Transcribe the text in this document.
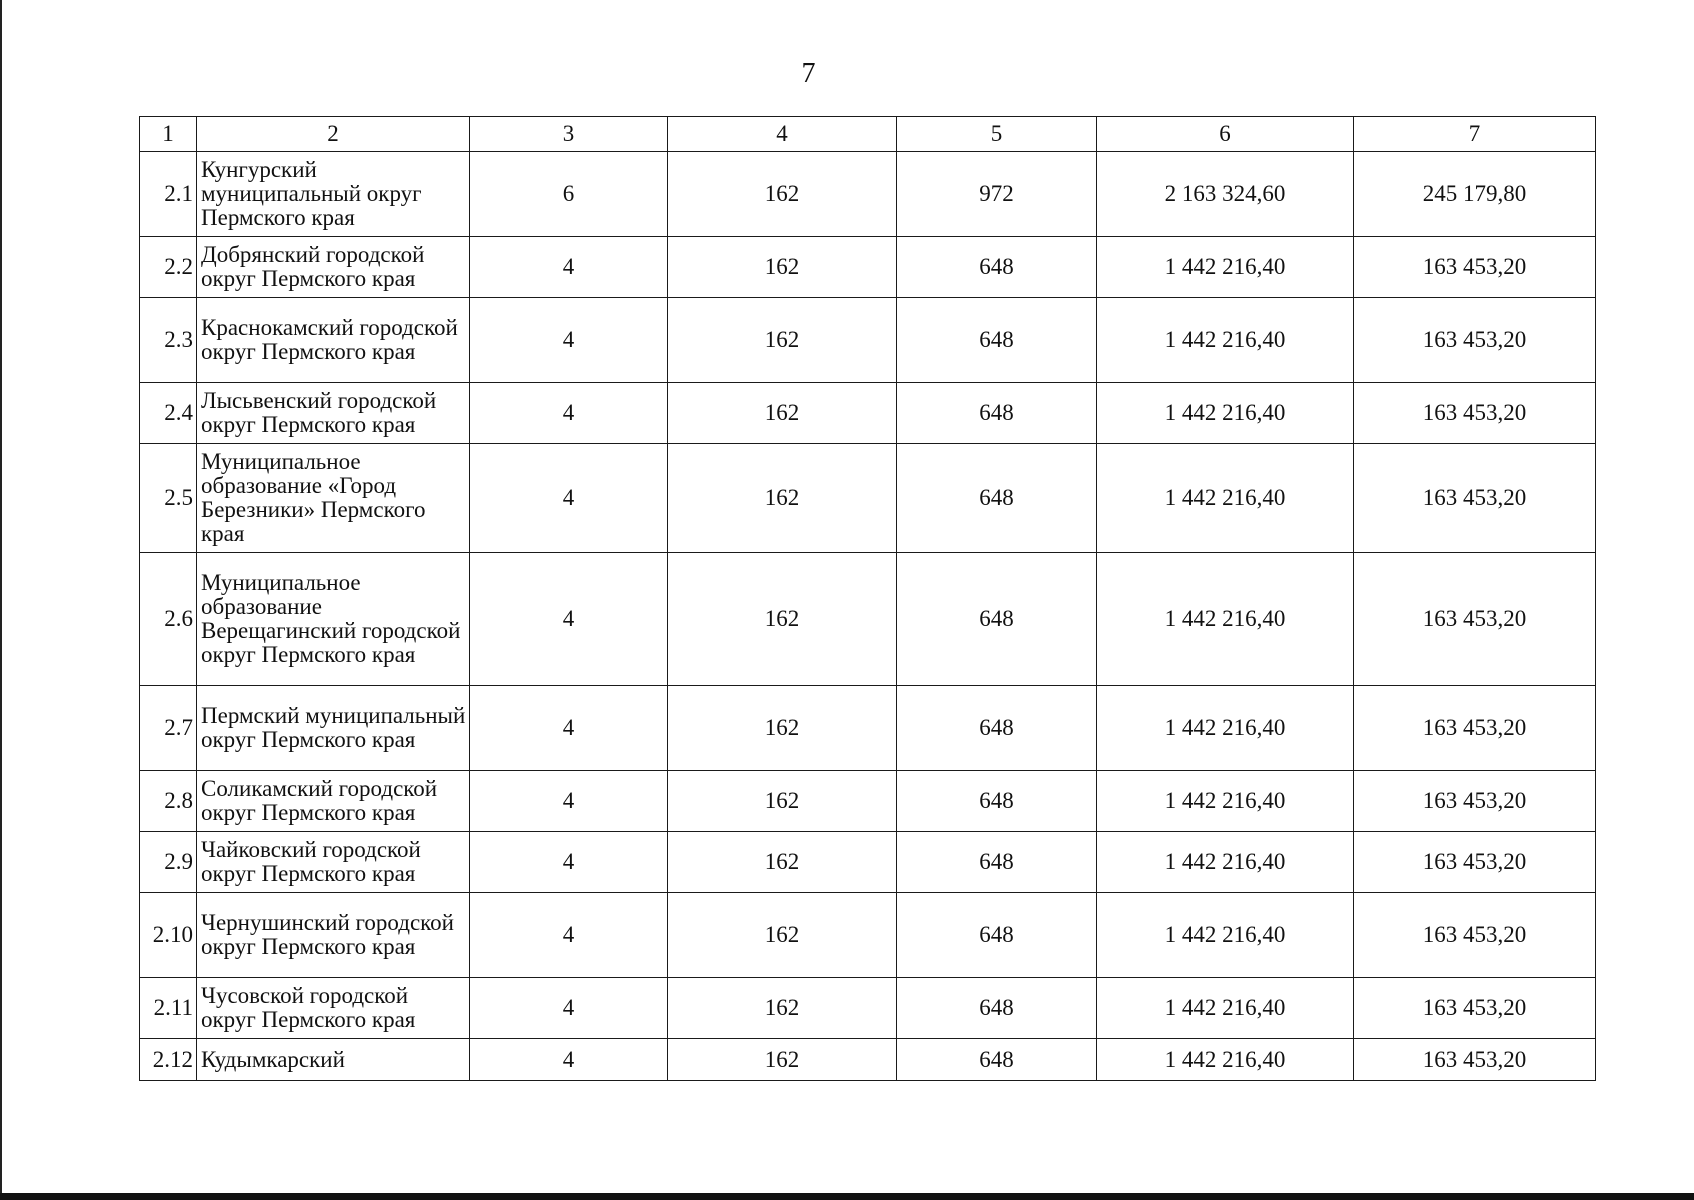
7
1	2	3	4	5	6	7
2.1	Кунгурский муниципальный округ Пермского края	6	162	972	2 163 324,60	245 179,80
2.2	Добрянский городской округ Пермского края	4	162	648	1 442 216,40	163 453,20
2.3	Краснокамский городской округ Пермского края	4	162	648	1 442 216,40	163 453,20
2.4	Лысьвенский городской округ Пермского края	4	162	648	1 442 216,40	163 453,20
2.5	Муниципальное образование «Город Березники» Пермского края	4	162	648	1 442 216,40	163 453,20
2.6	Муниципальное образование Верещагинский городской округ Пермского края	4	162	648	1 442 216,40	163 453,20
2.7	Пермский муниципальный округ Пермского края	4	162	648	1 442 216,40	163 453,20
2.8	Соликамский городской округ Пермского края	4	162	648	1 442 216,40	163 453,20
2.9	Чайковский городской округ Пермского края	4	162	648	1 442 216,40	163 453,20
2.10	Чернушинский городской округ Пермского края	4	162	648	1 442 216,40	163 453,20
2.11	Чусовской городской округ Пермского края	4	162	648	1 442 216,40	163 453,20
2.12	Кудымкарский	4	162	648	1 442 216,40	163 453,20
